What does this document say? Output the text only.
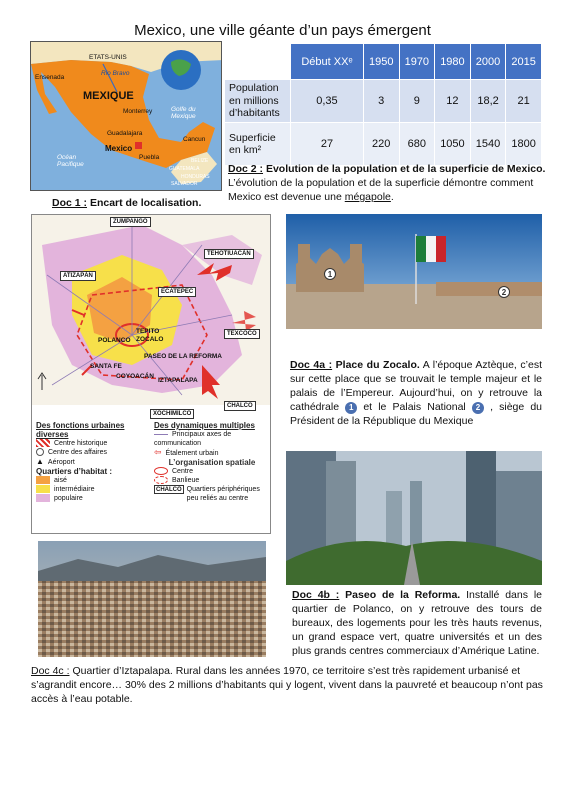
Mexico, une ville géante d’un pays émergent
ETATS-UNIS
Rio Bravo
Ensenada
MEXIQUE
Monterrey	Golfe du Mexique
Guadalajara
Mexico
Cancun
Puebla
Océan Pacifique	BELIZE
GUATEMALA
HONDURAS
SALVADOR
Doc 1 : Encart de localisation.
	Début XXᵉ	1950	1970	1980	2000	2015
Population en millions d’habitants	0,35	3	9	12	18,2	21
Superficie en km²	27	220	680	1050	1540	1800
Doc 2 : Evolution de la population et de la superficie de Mexico.
L’évolution de la population et de la superficie démontre comment Mexico est devenue une mégapole.
ZUMPANGO
TEHOTIUACÁN
ATIZAPÁN
ECATEPEC
TEXCOCO
TEPITO
ZOCALO
POLANCO
PASEO DE LA REFORMA
SANTA FE
COYOACÁN
IZTAPALAPA
CHALCO
XOCHIMILCO
Des fonctions urbaines diverses
Centre historique
Centre des affaires
▲ Aéroport
Quartiers d’habitat :
aisé
intermédiaire
populaire
Des dynamiques multiples
Principaux axes de communication
⇦ Étalement urbain
L’organisation spatiale
Centre
Banlieue
CHALCO Quartiers périphériques peu reliés au centre
1
2
Doc 4a : Place du Zocalo. A l’époque Aztèque, c’est sur cette place que se trouvait le temple majeur et le palais de l’Empereur. Aujourd’hui, on y retrouve la cathédrale 1 et le Palais National 2 , siège du Président de la République du Mexique
Doc 4b : Paseo de la Reforma. Installé dans le quartier de Polanco, on y retrouve des tours de bureaux, des logements pour les très hauts revenus, un grand espace vert, quatre universités et un des plus grands centres commerciaux d’Amérique Latine.
Doc 4c : Quartier d’Iztapalapa. Rural dans les années 1970, ce territoire s’est très rapidement urbanisé et s’agrandit encore… 30% des 2 millions d’habitants qui y logent, vivent dans la pauvreté et beaucoup n’ont pas accès à l’eau potable.
